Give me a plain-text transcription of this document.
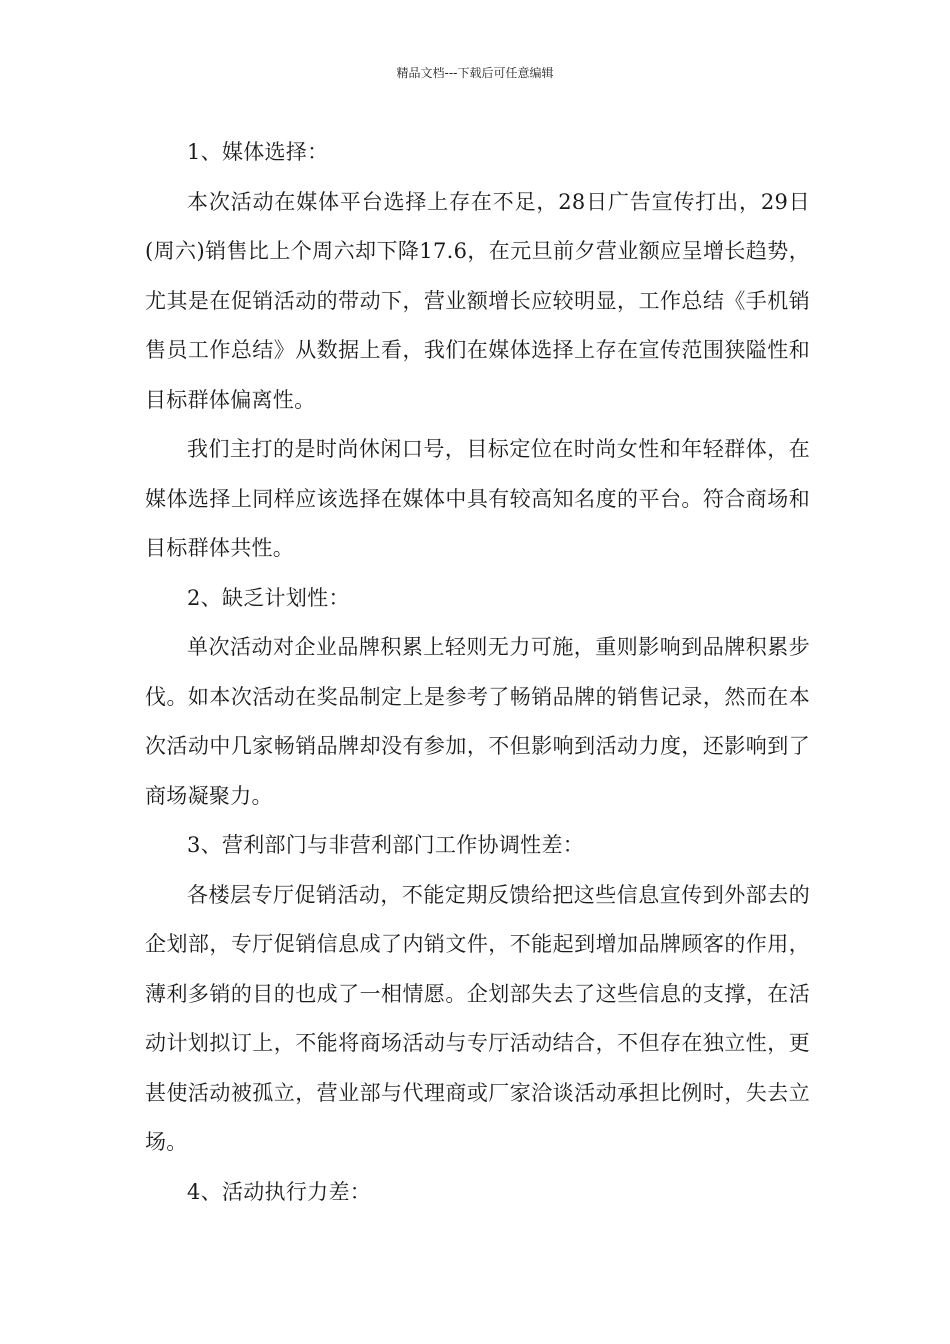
精品文档---下载后可任意编辑

1、媒体选择：

本次活动在媒体平台选择上存在不足，28日广告宣传打出，29日(周六)销售比上个周六却下降17.6，在元旦前夕营业额应呈增长趋势，尤其是在促销活动的带动下，营业额增长应较明显，工作总结《手机销售员工作总结》从数据上看，我们在媒体选择上存在宣传范围狭隘性和目标群体偏离性。

我们主打的是时尚休闲口号，目标定位在时尚女性和年轻群体，在媒体选择上同样应该选择在媒体中具有较高知名度的平台。符合商场和目标群体共性。

2、缺乏计划性：

单次活动对企业品牌积累上轻则无力可施，重则影响到品牌积累步伐。如本次活动在奖品制定上是参考了畅销品牌的销售记录，然而在本次活动中几家畅销品牌却没有参加，不但影响到活动力度，还影响到了商场凝聚力。

3、营利部门与非营利部门工作协调性差：

各楼层专厅促销活动，不能定期反馈给把这些信息宣传到外部去的企划部，专厅促销信息成了内销文件，不能起到增加品牌顾客的作用，薄利多销的目的也成了一相情愿。企划部失去了这些信息的支撑，在活动计划拟订上，不能将商场活动与专厅活动结合，不但存在独立性，更甚使活动被孤立，营业部与代理商或厂家洽谈活动承担比例时，失去立场。

4、活动执行力差：
